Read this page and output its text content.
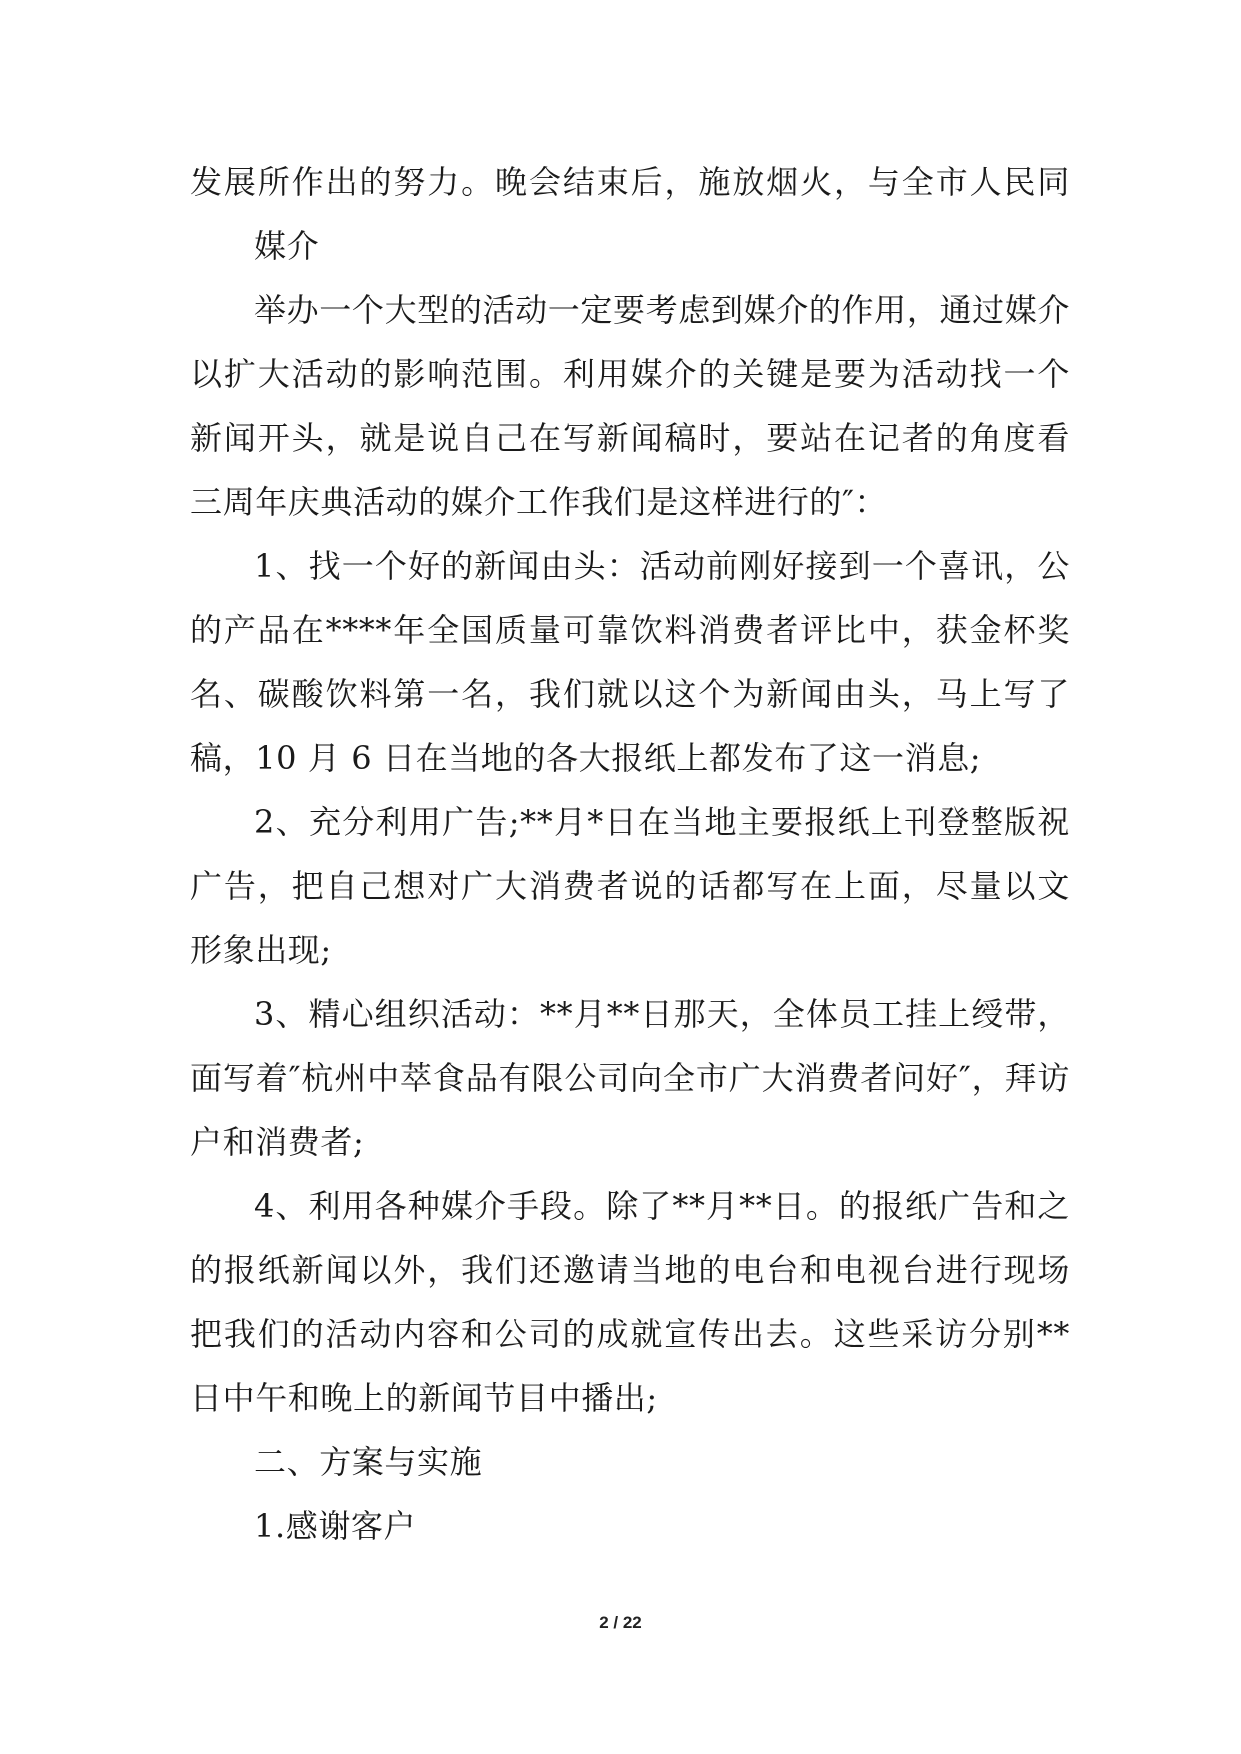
发展所作出的努力。晚会结束后，施放烟火，与全市人民同
媒介
举办一个大型的活动一定要考虑到媒介的作用，通过媒介
以扩大活动的影响范围。利用媒介的关键是要为活动找一个
新闻开头，就是说自己在写新闻稿时，要站在记者的角度看
三周年庆典活动的媒介工作我们是这样进行的″：
1、找一个好的新闻由头：活动前刚好接到一个喜讯，公
的产品在****年全国质量可靠饮料消费者评比中，获金杯奖
名、碳酸饮料第一名，我们就以这个为新闻由头，马上写了
稿，10 月 6 日在当地的各大报纸上都发布了这一消息;
2、充分利用广告;**月*日在当地主要报纸上刊登整版祝
广告，把自己想对广大消费者说的话都写在上面，尽量以文
形象出现;
3、精心组织活动：**月**日那天，全体员工挂上绶带，
面写着″杭州中萃食品有限公司向全市广大消费者问好″，拜访
户和消费者;
4、利用各种媒介手段。除了**月**日。的报纸广告和之
的报纸新闻以外，我们还邀请当地的电台和电视台进行现场
把我们的活动内容和公司的成就宣传出去。这些采访分别**
日中午和晚上的新闻节目中播出;
二、方案与实施
1.感谢客户
2 / 22
